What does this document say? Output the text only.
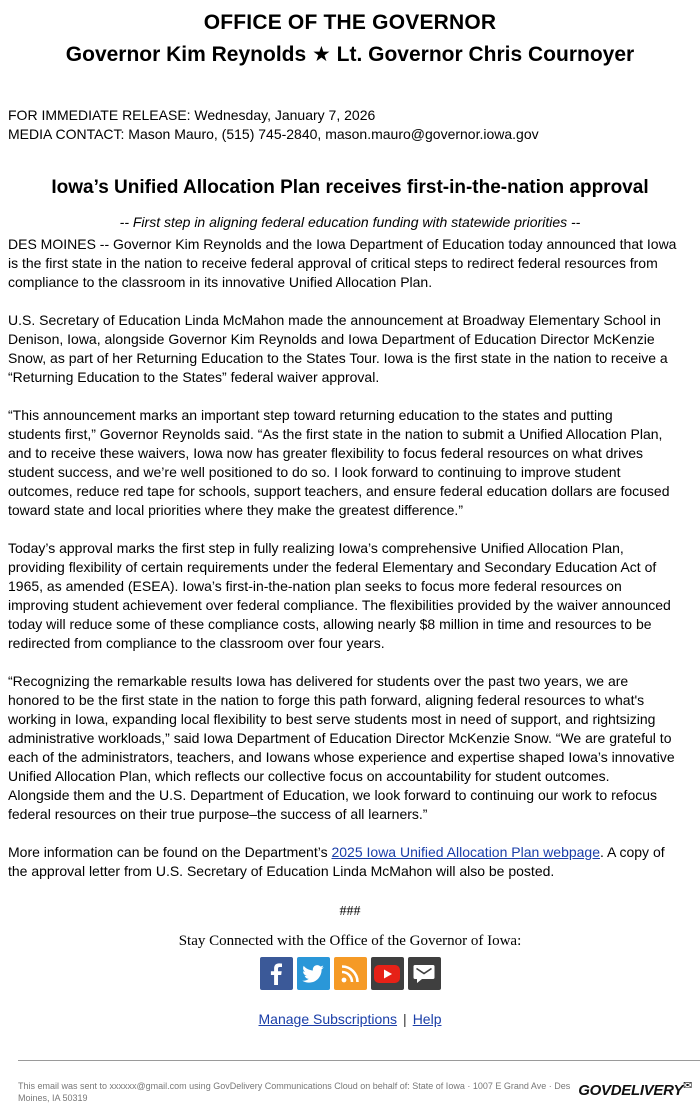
OFFICE OF THE GOVERNOR
Governor Kim Reynolds ★ Lt. Governor Chris Cournoyer
FOR IMMEDIATE RELEASE: Wednesday, January 7, 2026
MEDIA CONTACT: Mason Mauro, (515) 745-2840, mason.mauro@governor.iowa.gov
Iowa’s Unified Allocation Plan receives first-in-the-nation approval
-- First step in aligning federal education funding with statewide priorities --
DES MOINES -- Governor Kim Reynolds and the Iowa Department of Education today announced that Iowa
is the first state in the nation to receive federal approval of critical steps to redirect federal resources from
compliance to the classroom in its innovative Unified Allocation Plan.
U.S. Secretary of Education Linda McMahon made the announcement at Broadway Elementary School in
Denison, Iowa, alongside Governor Kim Reynolds and Iowa Department of Education Director McKenzie
Snow, as part of her Returning Education to the States Tour. Iowa is the first state in the nation to receive a
“Returning Education to the States” federal waiver approval.
“This announcement marks an important step toward returning education to the states and putting
students first,” Governor Reynolds said. “As the first state in the nation to submit a Unified Allocation Plan,
and to receive these waivers, Iowa now has greater flexibility to focus federal resources on what drives
student success, and we’re well positioned to do so. I look forward to continuing to improve student
outcomes, reduce red tape for schools, support teachers, and ensure federal education dollars are focused
toward state and local priorities where they make the greatest difference.”
Today’s approval marks the first step in fully realizing Iowa’s comprehensive Unified Allocation Plan,
providing flexibility of certain requirements under the federal Elementary and Secondary Education Act of
1965, as amended (ESEA). Iowa’s first-in-the-nation plan seeks to focus more federal resources on
improving student achievement over federal compliance. The flexibilities provided by the waiver announced
today will reduce some of these compliance costs, allowing nearly $8 million in time and resources to be
redirected from compliance to the classroom over four years.
“Recognizing the remarkable results Iowa has delivered for students over the past two years, we are
honored to be the first state in the nation to forge this path forward, aligning federal resources to what's
working in Iowa, expanding local flexibility to best serve students most in need of support, and rightsizing
administrative workloads,” said Iowa Department of Education Director McKenzie Snow. “We are grateful to
each of the administrators, teachers, and Iowans whose experience and expertise shaped Iowa’s innovative
Unified Allocation Plan, which reflects our collective focus on accountability for student outcomes.
Alongside them and the U.S. Department of Education, we look forward to continuing our work to refocus
federal resources on their true purpose–the success of all learners.”
More information can be found on the Department’s 2025 Iowa Unified Allocation Plan webpage. A copy of
the approval letter from U.S. Secretary of Education Linda McMahon will also be posted.
###
Stay Connected with the Office of the Governor of Iowa:
Manage Subscriptions | Help
This email was sent to xxxxxx@gmail.com using GovDelivery Communications Cloud on behalf of: State of Iowa · 1007 E Grand Ave · Des Moines, IA 50319	GOVDELIVERY✉
